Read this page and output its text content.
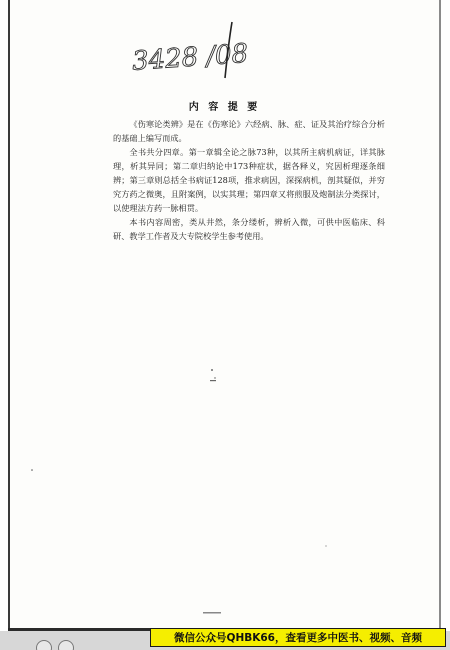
3428 /08
内 容 提 要

《伤寒论类辨》是在《伤寒论》六经病、脉、症、证及其治疗综合分析的基础上编写而成。

全书共分四章。第一章辑全论之脉73种，以其所主病机病证，详其脉理，析其异同；第二章归纳论中173种症状，据各释义，究因析理逐条细辨；第三章则总括全书病证128项，推求病因，深探病机，剖其疑似，并穷究方药之微奥，且附案例，以实其理；第四章又将煎服及炮制法分类探讨，以使理法方药一脉相贯。

本书内容周密，类从井然，条分缕析，辨析入微，可供中医临床、科研、教学工作者及大专院校学生参考使用。

微信公众号QHBK66，查看更多中医书、视频、音频
